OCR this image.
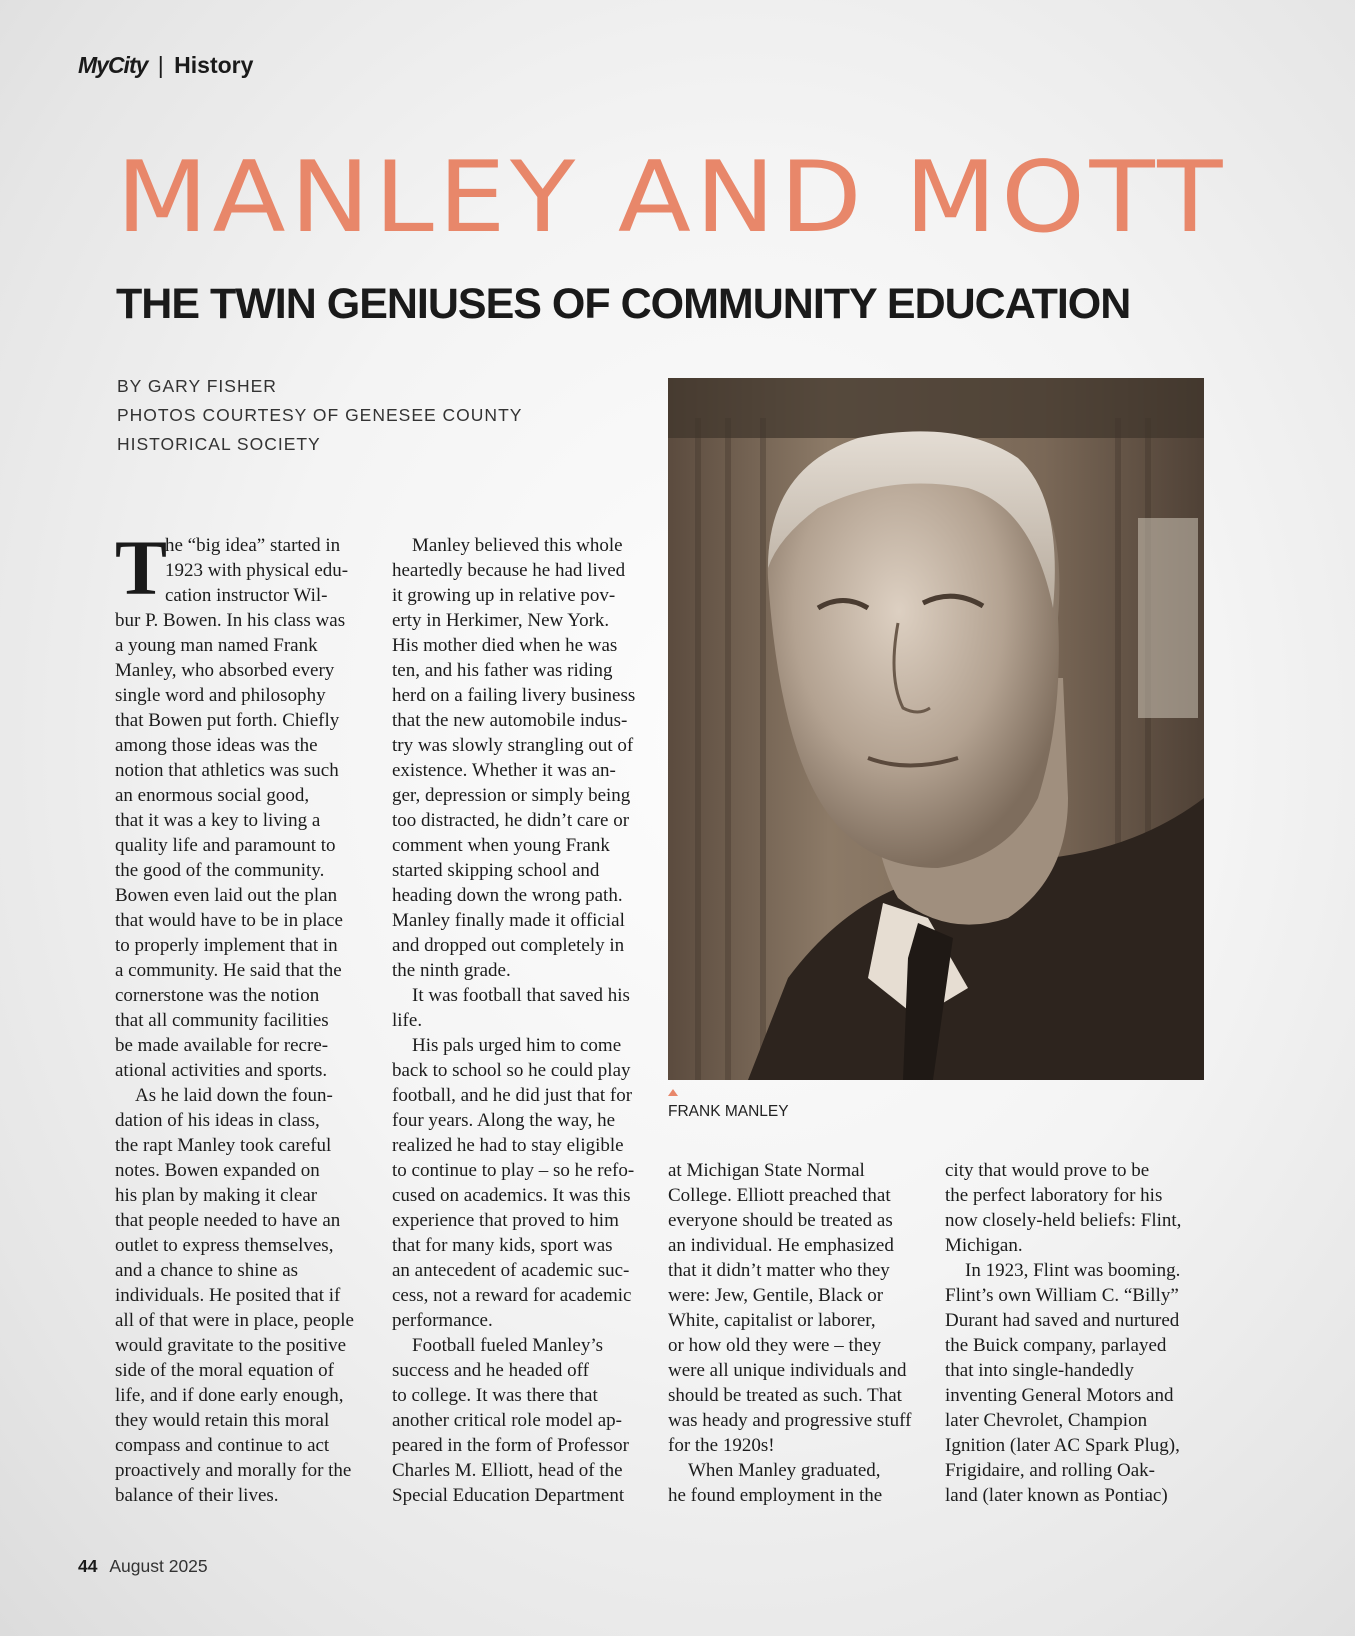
MyCity | History
MANLEY AND MOTT
THE TWIN GENIUSES OF COMMUNITY EDUCATION
BY GARY FISHER
PHOTOS COURTESY OF GENESEE COUNTY
HISTORICAL SOCIETY
FRANK MANLEY
T
he “big idea” started in
1923 with physical edu-
cation instructor Wil-
bur P. Bowen. In his class was
a young man named Frank
Manley, who absorbed every
single word and philosophy
that Bowen put forth. Chiefly
among those ideas was the
notion that athletics was such
an enormous social good,
that it was a key to living a
quality life and paramount to
the good of the community.
Bowen even laid out the plan
that would have to be in place
to properly implement that in
a community. He said that the
cornerstone was the notion
that all community facilities
be made available for recre-
ational activities and sports.
As he laid down the foun-
dation of his ideas in class,
the rapt Manley took careful
notes. Bowen expanded on
his plan by making it clear
that people needed to have an
outlet to express themselves,
and a chance to shine as
individuals. He posited that if
all of that were in place, people
would gravitate to the positive
side of the moral equation of
life, and if done early enough,
they would retain this moral
compass and continue to act
proactively and morally for the
balance of their lives.
Manley believed this whole
heartedly because he had lived
it growing up in relative pov-
erty in Herkimer, New York.
His mother died when he was
ten, and his father was riding
herd on a failing livery business
that the new automobile indus-
try was slowly strangling out of
existence. Whether it was an-
ger, depression or simply being
too distracted, he didn’t care or
comment when young Frank
started skipping school and
heading down the wrong path.
Manley finally made it official
and dropped out completely in
the ninth grade.
It was football that saved his
life.
His pals urged him to come
back to school so he could play
football, and he did just that for
four years. Along the way, he
realized he had to stay eligible
to continue to play – so he refo-
cused on academics. It was this
experience that proved to him
that for many kids, sport was
an antecedent of academic suc-
cess, not a reward for academic
performance.
Football fueled Manley’s
success and he headed off
to college. It was there that
another critical role model ap-
peared in the form of Professor
Charles M. Elliott, head of the
Special Education Department
at Michigan State Normal
College. Elliott preached that
everyone should be treated as
an individual. He emphasized
that it didn’t matter who they
were: Jew, Gentile, Black or
White, capitalist or laborer,
or how old they were – they
were all unique individuals and
should be treated as such. That
was heady and progressive stuff
for the 1920s!
When Manley graduated,
he found employment in the
city that would prove to be
the perfect laboratory for his
now closely-held beliefs: Flint,
Michigan.
In 1923, Flint was booming.
Flint’s own William C. “Billy”
Durant had saved and nurtured
the Buick company, parlayed
that into single-handedly
inventing General Motors and
later Chevrolet, Champion
Ignition (later AC Spark Plug),
Frigidaire, and rolling Oak-
land (later known as Pontiac)
44 August 2025
